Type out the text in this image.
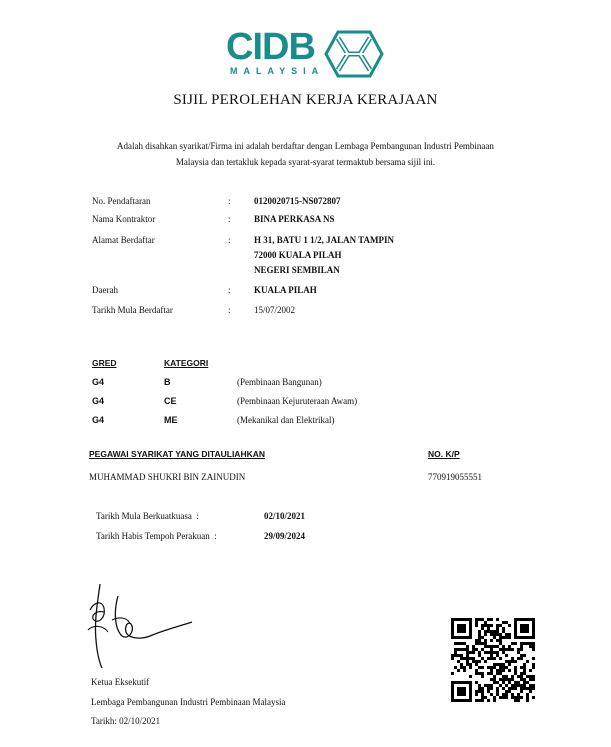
CIDB
MALAYSIA
SIJIL PEROLEHAN KERJA KERAJAAN
Adalah disahkan syarikat/Firma ini adalah berdaftar dengan Lembaga Pembangunan Industri Pembinaan
Malaysia dan tertakluk kepada syarat-syarat termaktub bersama sijil ini.
No. Pendaftaran	:	0120020715-NS072807
Nama Kontraktor	:	BINA PERKASA NS
Alamat Berdaftar	:	H 31, BATU 1 1/2, JALAN TAMPIN
72000 KUALA PILAH
NEGERI SEMBILAN
Daerah	:	KUALA PILAH
Tarikh Mula Berdaftar	:	15/07/2002
GRED	KATEGORI
G4	B	(Pembinaan Bangunan)
G4	CE	(Pembinaan Kejuruteraan Awam)
G4	ME	(Mekanikal dan Elektrikal)
PEGAWAI SYARIKAT YANG DITAULIAHKAN	NO. K/P
MUHAMMAD SHUKRI BIN ZAINUDIN	770919055551
Tarikh Mula Berkuatkuasa  :	02/10/2021
Tarikh Habis Tempoh Perakuan  :	29/09/2024
Ketua Eksekutif
Lembaga Pembangunan Industri Pembinaan Malaysia
Tarikh: 02/10/2021
